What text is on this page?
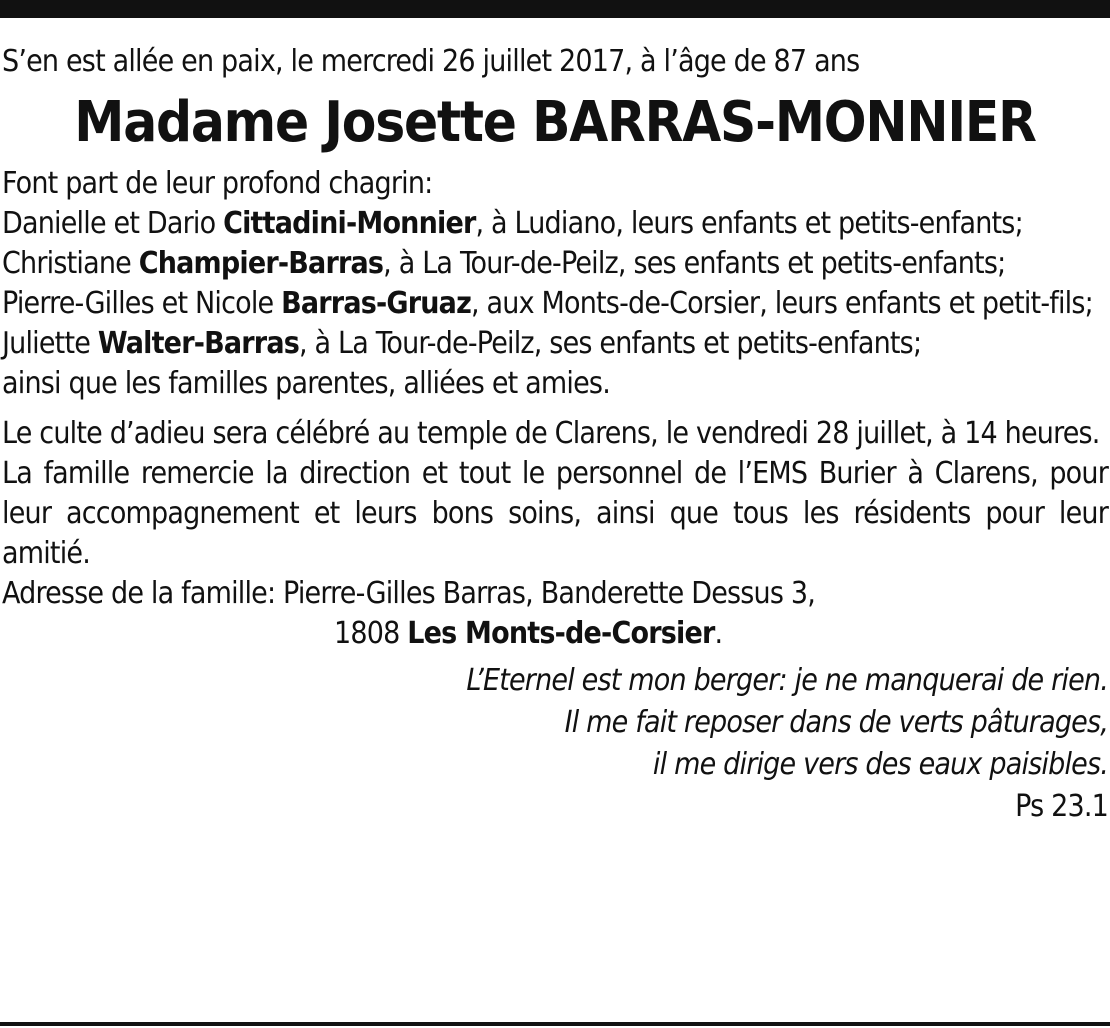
S’en est allée en paix, le mercredi 26 juillet 2017, à l’âge de 87 ans
Madame Josette BARRAS-MONNIER
Font part de leur profond chagrin:

Danielle et Dario Cittadini-Monnier, à Ludiano, leurs enfants et petits-enfants;

Christiane Champier-Barras, à La Tour-de-Peilz, ses enfants et petits-enfants;

Pierre-Gilles et Nicole Barras-Gruaz, aux Monts-de-Corsier, leurs enfants et petit-fils;

Juliette Walter-Barras, à La Tour-de-Peilz, ses enfants et petits-enfants;

ainsi que les familles parentes, alliées et amies.

Le culte d’adieu sera célébré au temple de Clarens, le vendredi 28 juillet, à 14 heures.

La famille remercie la direction et tout le personnel de l’EMS Burier à Clarens, pour leur accompagnement et leurs bons soins, ainsi que tous les résidents pour leur amitié.

Adresse de la famille: Pierre-Gilles Barras, Banderette Dessus 3,
1808 Les Monts-de-Corsier.
L’Eternel est mon berger: je ne manquerai de rien.
Il me fait reposer dans de verts pâturages,
il me dirige vers des eaux paisibles.
Ps 23.1
